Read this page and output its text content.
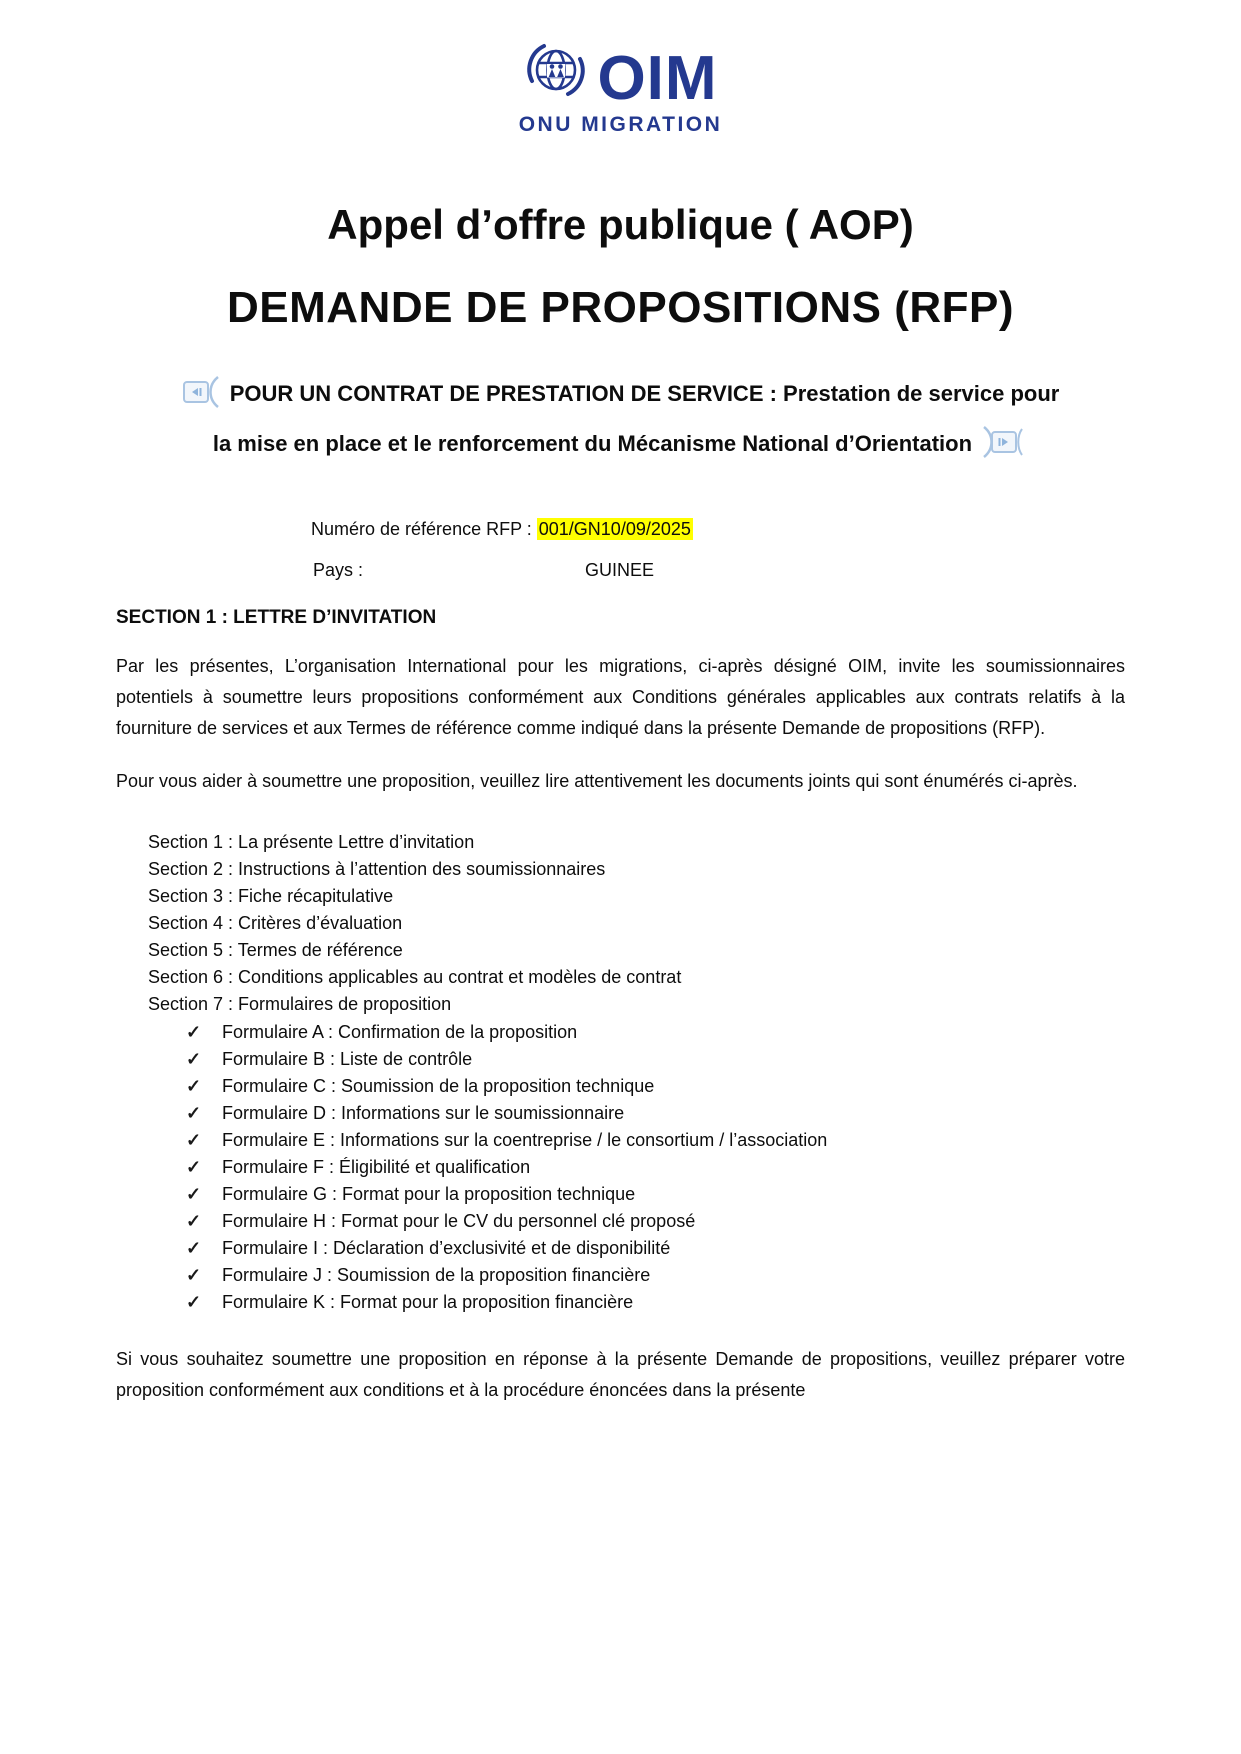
OIM
ONU MIGRATION
Appel d’offre publique ( AOP)
DEMANDE DE PROPOSITIONS (RFP)
POUR UN CONTRAT DE PRESTATION DE SERVICE : Prestation de service pour
la mise en place et le renforcement du Mécanisme National d’Orientation
Numéro de référence RFP : 001/GN10/09/2025
Pays :	GUINEE
SECTION 1 : LETTRE D’INVITATION
Par les présentes, L’organisation International pour les migrations, ci-après désigné OIM, invite les soumissionnaires potentiels à soumettre leurs propositions conformément aux Conditions générales applicables aux contrats relatifs à la fourniture de services et aux Termes de référence comme indiqué dans la présente Demande de propositions (RFP).
Pour vous aider à soumettre une proposition, veuillez lire attentivement les documents joints qui sont énumérés ci-après.
Section 1 : La présente Lettre d’invitation
Section 2 : Instructions à l’attention des soumissionnaires
Section 3 : Fiche récapitulative
Section 4 : Critères d’évaluation
Section 5 : Termes de référence
Section 6 : Conditions applicables au contrat et modèles de contrat
Section 7 : Formulaires de proposition
✓ Formulaire A : Confirmation de la proposition
✓ Formulaire B : Liste de contrôle
✓ Formulaire C : Soumission de la proposition technique
✓ Formulaire D : Informations sur le soumissionnaire
✓ Formulaire E : Informations sur la coentreprise / le consortium / l’association
✓ Formulaire F : Éligibilité et qualification
✓ Formulaire G : Format pour la proposition technique
✓ Formulaire H : Format pour le CV du personnel clé proposé
✓ Formulaire I : Déclaration d’exclusivité et de disponibilité
✓ Formulaire J : Soumission de la proposition financière
✓ Formulaire K : Format pour la proposition financière
Si vous souhaitez soumettre une proposition en réponse à la présente Demande de propositions, veuillez préparer votre proposition conformément aux conditions et à la procédure énoncées dans la présente
